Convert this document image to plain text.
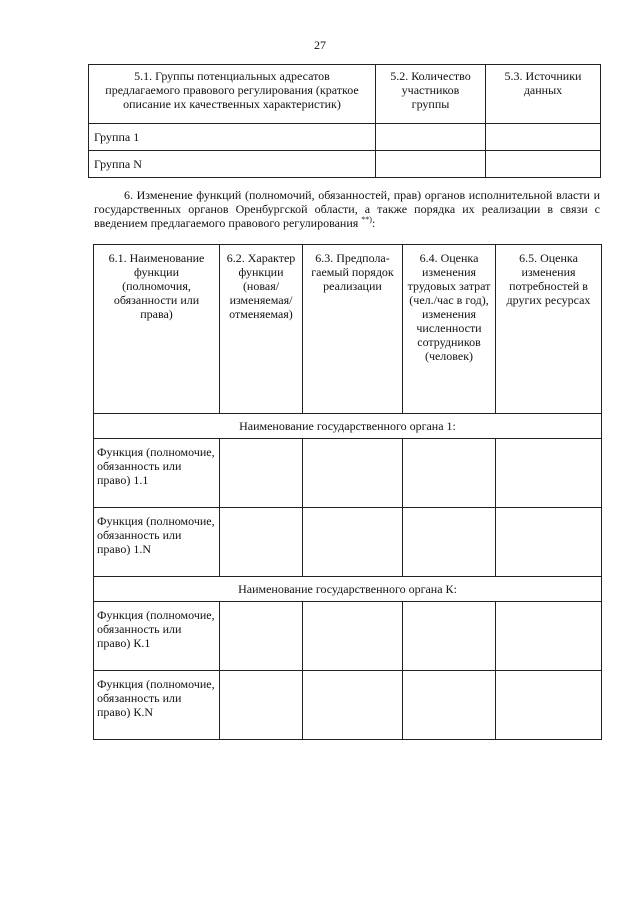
27
5.1. Группы потенциальных адресатов предлагаемого правового регулирования (краткое описание их качественных характеристик)	5.2. Количество участников группы	5.3. Источники данных
Группа 1		
Группа N		
6. Изменение функций (полномочий, обязанностей, прав) органов исполнительной власти и государственных органов Оренбургской области, а также порядка их реализации в связи с введением предлагаемого правового регулирования **):
6.1. Наименование функции (полномочия, обязанности или права)	6.2. Характер функции (новая/ изменяемая/ отменяемая)	6.3. Предпола-гаемый порядок реализации	6.4. Оценка изменения трудовых затрат (чел./час в год), изменения численности сотрудников (человек)	6.5. Оценка изменения потребностей в других ресурсах
Наименование государственного органа 1:				
Функция (полномочие, обязанность или право) 1.1				
Функция (полномочие, обязанность или право) 1.N				
Наименование государственного органа К:				
Функция (полномочие, обязанность или право) К.1				
Функция (полномочие, обязанность или право) К.N				
